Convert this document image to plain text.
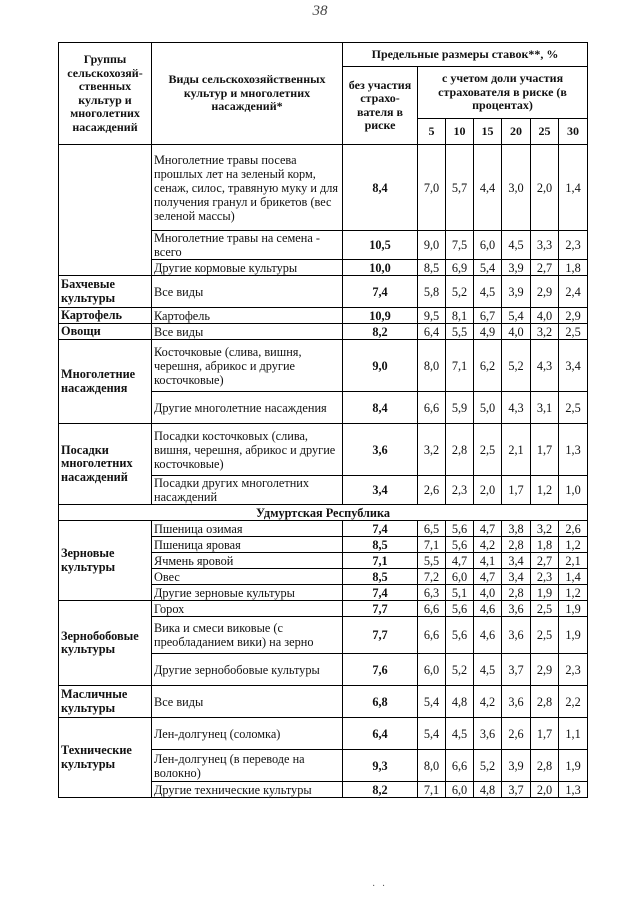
38
Группы сельскохозяй-ственных культур и многолетних насаждений	Виды сельскохозяйственных культур и многолетних насаждений*	Предельные размеры ставок**, %						
		без участия страхо-вателя в риске	с учетом доли участия страхователя в риске (в процентах)					
			5	10	15	20	25	30
	Многолетние травы посева прошлых лет на зеленый корм, сенаж, силос, травяную муку и для получения гранул и брикетов (вес зеленой массы)	8,4	7,0	5,7	4,4	3,0	2,0	1,4
	Многолетние травы на семена - всего	10,5	9,0	7,5	6,0	4,5	3,3	2,3
	Другие кормовые культуры	10,0	8,5	6,9	5,4	3,9	2,7	1,8
Бахчевые культуры	Все виды	7,4	5,8	5,2	4,5	3,9	2,9	2,4
Картофель	Картофель	10,9	9,5	8,1	6,7	5,4	4,0	2,9
Овощи	Все виды	8,2	6,4	5,5	4,9	4,0	3,2	2,5
Многолетние насаждения	Косточковые (слива, вишня, черешня, абрикос и другие косточковые)	9,0	8,0	7,1	6,2	5,2	4,3	3,4
	Другие многолетние насаждения	8,4	6,6	5,9	5,0	4,3	3,1	2,5
Посадки многолетних насаждений	Посадки косточковых (слива, вишня, черешня, абрикос и другие косточковые)	3,6	3,2	2,8	2,5	2,1	1,7	1,3
	Посадки других многолетних насаждений	3,4	2,6	2,3	2,0	1,7	1,2	1,0
Удмуртская Республика								
Зерновые культуры	Пшеница озимая	7,4	6,5	5,6	4,7	3,8	3,2	2,6
	Пшеница яровая	8,5	7,1	5,6	4,2	2,8	1,8	1,2
	Ячмень яровой	7,1	5,5	4,7	4,1	3,4	2,7	2,1
	Овес	8,5	7,2	6,0	4,7	3,4	2,3	1,4
	Другие зерновые культуры	7,4	6,3	5,1	4,0	2,8	1,9	1,2
Зернобобовые культуры	Горох	7,7	6,6	5,6	4,6	3,6	2,5	1,9
	Вика и смеси виковые (с преобладанием вики) на зерно	7,7	6,6	5,6	4,6	3,6	2,5	1,9
	Другие зернобобовые культуры	7,6	6,0	5,2	4,5	3,7	2,9	2,3
Масличные культуры	Все виды	6,8	5,4	4,8	4,2	3,6	2,8	2,2
Технические культуры	Лен-долгунец (соломка)	6,4	5,4	4,5	3,6	2,6	1,7	1,1
	Лен-долгунец (в переводе на волокно)	9,3	8,0	6,6	5,2	3,9	2,8	1,9
	Другие технические культуры	8,2	7,1	6,0	4,8	3,7	2,0	1,3
· ·
